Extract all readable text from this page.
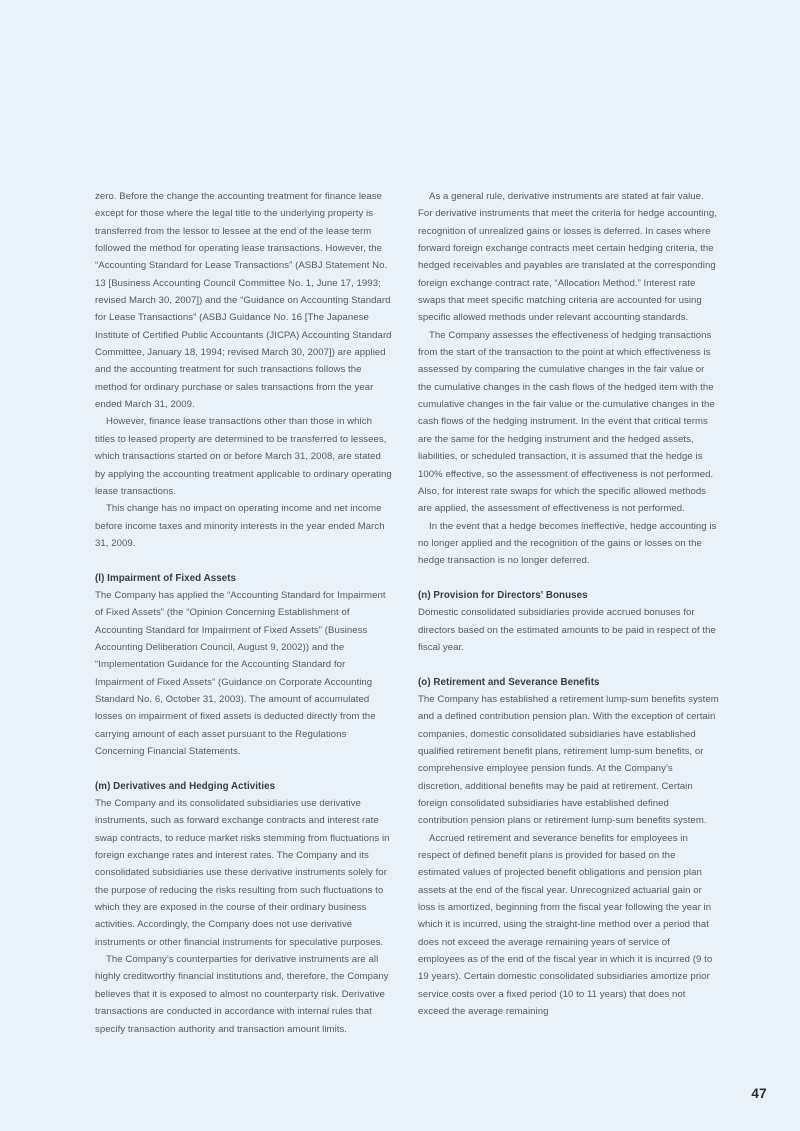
zero. Before the change the accounting treatment for finance lease except for those where the legal title to the underlying property is transferred from the lessor to lessee at the end of the lease term followed the method for operating lease transactions. However, the “Accounting Standard for Lease Transactions” (ASBJ Statement No. 13 [Business Accounting Council Committee No. 1, June 17, 1993; revised March 30, 2007]) and the “Guidance on Accounting Standard for Lease Transactions” (ASBJ Guidance No. 16 [The Japanese Institute of Certified Public Accountants (JICPA) Accounting Standard Committee, January 18, 1994; revised March 30, 2007]) are applied and the accounting treatment for such transactions follows the method for ordinary purchase or sales transactions from the year ended March 31, 2009.

However, finance lease transactions other than those in which titles to leased property are determined to be transferred to lessees, which transactions started on or before March 31, 2008, are stated by applying the accounting treatment applicable to ordinary operating lease transactions.

This change has no impact on operating income and net income before income taxes and minority interests in the year ended March 31, 2009.

(l) Impairment of Fixed Assets

The Company has applied the “Accounting Standard for Impairment of Fixed Assets” (the “Opinion Concerning Establishment of Accounting Standard for Impairment of Fixed Assets” (Business Accounting Deliberation Council, August 9, 2002)) and the “Implementation Guidance for the Accounting Standard for Impairment of Fixed Assets” (Guidance on Corporate Accounting Standard No. 6, October 31, 2003). The amount of accumulated losses on impairment of fixed assets is deducted directly from the carrying amount of each asset pursuant to the Regulations Concerning Financial Statements.

(m) Derivatives and Hedging Activities

The Company and its consolidated subsidiaries use derivative instruments, such as forward exchange contracts and interest rate swap contracts, to reduce market risks stemming from fluctuations in foreign exchange rates and interest rates. The Company and its consolidated subsidiaries use these derivative instruments solely for the purpose of reducing the risks resulting from such fluctuations to which they are exposed in the course of their ordinary business activities. Accordingly, the Company does not use derivative instruments or other financial instruments for speculative purposes.

The Company’s counterparties for derivative instruments are all highly creditworthy financial institutions and, therefore, the Company believes that it is exposed to almost no counterparty risk. Derivative transactions are conducted in accordance with internal rules that specify transaction authority and transaction amount limits.

As a general rule, derivative instruments are stated at fair value. For derivative instruments that meet the criteria for hedge accounting, recognition of unrealized gains or losses is deferred. In cases where forward foreign exchange contracts meet certain hedging criteria, the hedged receivables and payables are translated at the corresponding foreign exchange contract rate, “Allocation Method.” Interest rate swaps that meet specific matching criteria are accounted for using specific allowed methods under relevant accounting standards.

The Company assesses the effectiveness of hedging transactions from the start of the transaction to the point at which effectiveness is assessed by comparing the cumulative changes in the fair value or the cumulative changes in the cash flows of the hedged item with the cumulative changes in the fair value or the cumulative changes in the cash flows of the hedging instrument. In the event that critical terms are the same for the hedging instrument and the hedged assets, liabilities, or scheduled transaction, it is assumed that the hedge is 100% effective, so the assessment of effectiveness is not performed. Also, for interest rate swaps for which the specific allowed methods are applied, the assessment of effectiveness is not performed.

In the event that a hedge becomes ineffective, hedge accounting is no longer applied and the recognition of the gains or losses on the hedge transaction is no longer deferred.

(n) Provision for Directors' Bonuses

Domestic consolidated subsidiaries provide accrued bonuses for directors based on the estimated amounts to be paid in respect of the fiscal year.

(o) Retirement and Severance Benefits

The Company has established a retirement lump-sum benefits system and a defined contribution pension plan. With the exception of certain companies, domestic consolidated subsidiaries have established qualified retirement benefit plans, retirement lump-sum benefits, or comprehensive employee pension funds. At the Company’s discretion, additional benefits may be paid at retirement. Certain foreign consolidated subsidiaries have established defined contribution pension plans or retirement lump-sum benefits system.

Accrued retirement and severance benefits for employees in respect of defined benefit plans is provided for based on the estimated values of projected benefit obligations and pension plan assets at the end of the fiscal year. Unrecognized actuarial gain or loss is amortized, beginning from the fiscal year following the year in which it is incurred, using the straight-line method over a period that does not exceed the average remaining years of service of employees as of the end of the fiscal year in which it is incurred (9 to 19 years). Certain domestic consolidated subsidiaries amortize prior service costs over a fixed period (10 to 11 years) that does not exceed the average remaining

47
